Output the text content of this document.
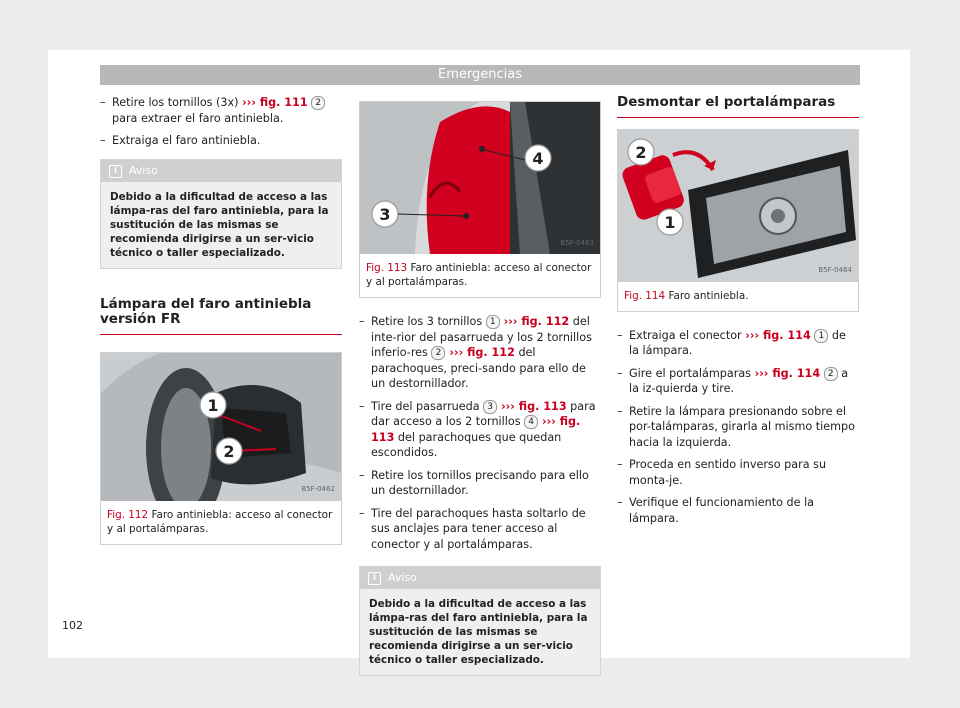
Emergencias
– Retire los tornillos (3x) ››› fig. 111 2 para extraer el faro antiniebla.
– Extraiga el faro antiniebla.
i	Aviso
Debido a la dificultad de acceso a las lámpa-ras del faro antiniebla, para la sustitución de las mismas se recomienda dirigirse a un ser-vicio técnico o taller especializado.
Lámpara del faro antiniebla versión FR
1
2
B5F-0462
Fig. 112 Faro antiniebla: acceso al conector y al portalámparas.
4
3
B5F-0463
Fig. 113 Faro antiniebla: acceso al conector y al portalámparas.
– Retire los 3 tornillos 1 ››› fig. 112 del inte-rior del pasarrueda y los 2 tornillos inferio-res 2 ››› fig. 112 del parachoques, preci-sando para ello de un destornillador.
– Tire del pasarrueda 3 ››› fig. 113 para dar acceso a los 2 tornillos 4 ››› fig. 113 del parachoques que quedan escondidos.
– Retire los tornillos precisando para ello un destornillador.
– Tire del parachoques hasta soltarlo de sus anclajes para tener acceso al conector y al portalámparas.
i	Aviso
Debido a la dificultad de acceso a las lámpa-ras del faro antiniebla, para la sustitución de las mismas se recomienda dirigirse a un ser-vicio técnico o taller especializado.
Desmontar el portalámparas
2
1
B5F-0464
Fig. 114 Faro antiniebla.
– Extraiga el conector ››› fig. 114 1 de la lámpara.
– Gire el portalámparas ››› fig. 114 2 a la iz-quierda y tire.
– Retire la lámpara presionando sobre el por-talámparas, girarla al mismo tiempo hacia la izquierda.
– Proceda en sentido inverso para su monta-je.
– Verifique el funcionamiento de la lámpara.
102
